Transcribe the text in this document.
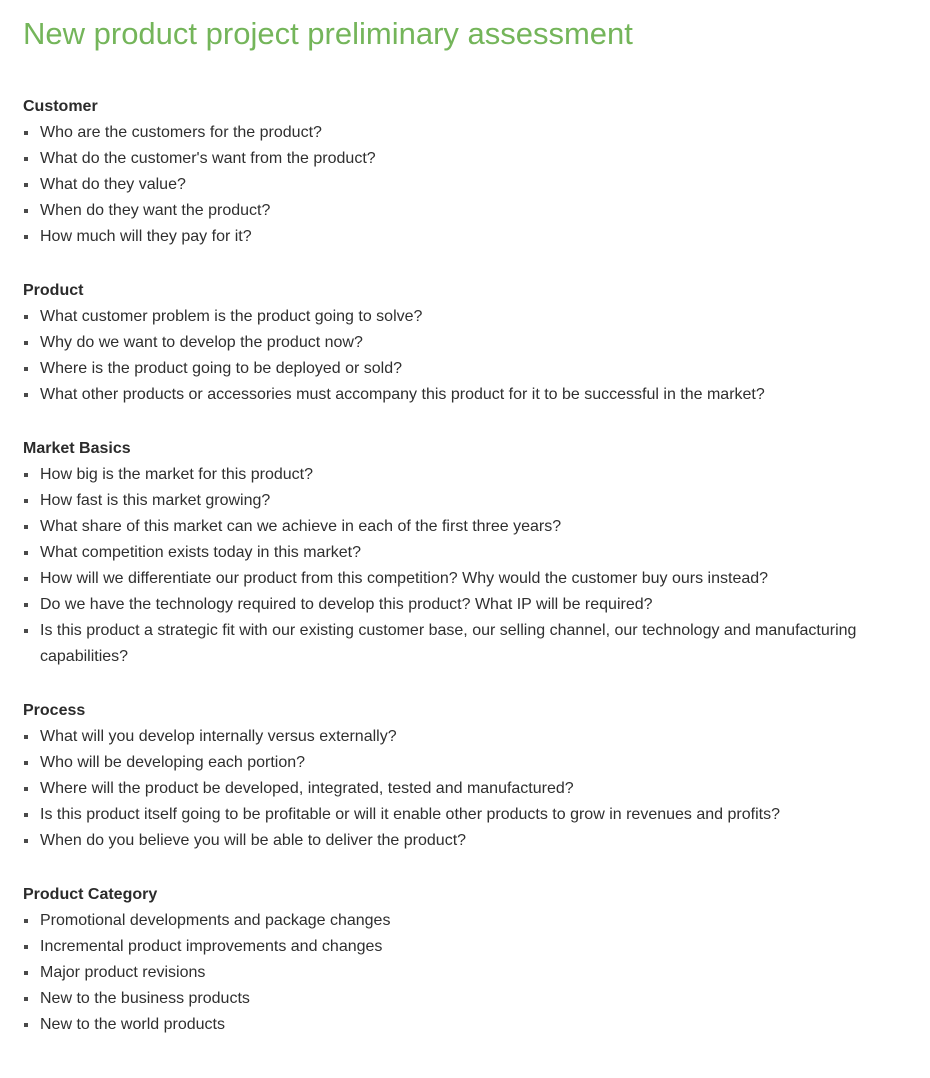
New product project preliminary assessment
Customer
Who are the customers for the product?
What do the customer's want from the product?
What do they value?
When do they want the product?
How much will they pay for it?
Product
What customer problem is the product going to solve?
Why do we want to develop the product now?
Where is the product going to be deployed or sold?
What other products or accessories must accompany this product for it to be successful in the market?
Market Basics
How big is the market for this product?
How fast is this market growing?
What share of this market can we achieve in each of the first three years?
What competition exists today in this market?
How will we differentiate our product from this competition? Why would the customer buy ours instead?
Do we have the technology required to develop this product? What IP will be required?
Is this product a strategic fit with our existing customer base, our selling channel, our technology and manufacturing capabilities?
Process
What will you develop internally versus externally?
Who will be developing each portion?
Where will the product be developed, integrated, tested and manufactured?
Is this product itself going to be profitable or will it enable other products to grow in revenues and profits?
When do you believe you will be able to deliver the product?
Product Category
Promotional developments and package changes
Incremental product improvements and changes
Major product revisions
New to the business products
New to the world products
